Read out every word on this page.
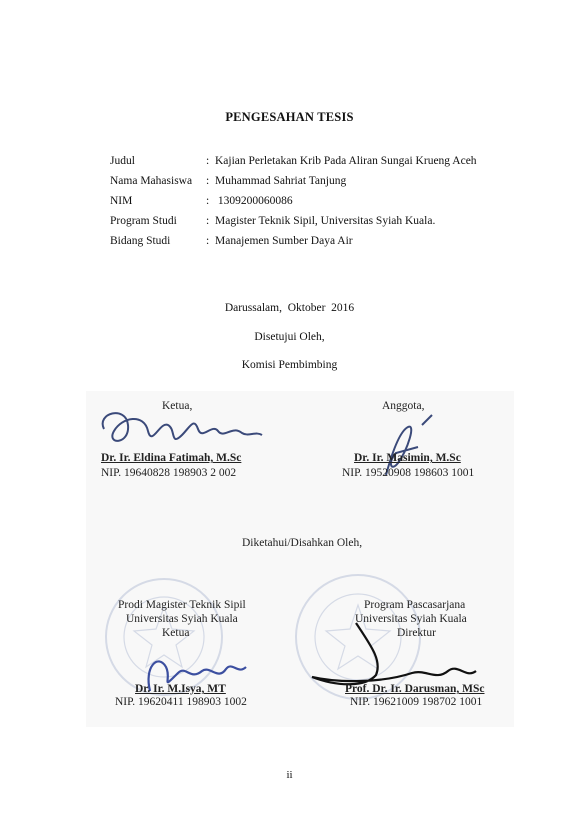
PENGESAHAN TESIS
Judul	: Kajian Perletakan Krib Pada Aliran Sungai Krueng Aceh
Nama Mahasiswa	: Muhammad Sahriat Tanjung
NIM	: 1309200060086
Program Studi	: Magister Teknik Sipil, Universitas Syiah Kuala.
Bidang Studi	: Manajemen Sumber Daya Air
Darussalam,  Oktober  2016
Disetujui Oleh,
Komisi Pembimbing
Ketua,
Dr. Ir. Eldina Fatimah, M.Sc
NIP. 19640828 198903 2 002
Anggota,
Dr. Ir. Masimin, M.Sc
NIP. 19520908 198603 1001
Diketahui/Disahkan Oleh,
Prodi Magister Teknik Sipil
Universitas Syiah Kuala
Ketua
Dr. Ir. M.Isya, MT
NIP. 19620411 198903 1002
Program Pascasarjana
Universitas Syiah Kuala
Direktur
Prof. Dr. Ir. Darusman, MSc
NIP. 19621009 198702 1001
ii
